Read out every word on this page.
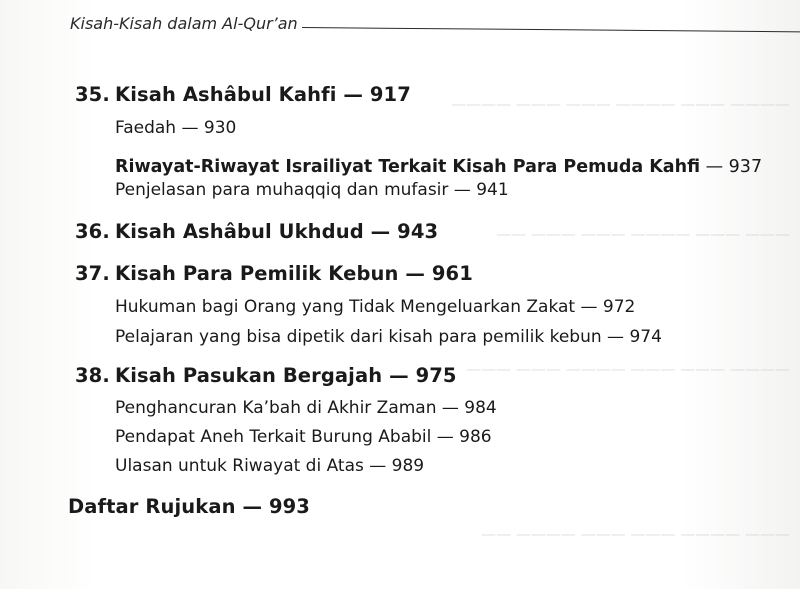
———— ——— ———— ——— ——— ————
——— ——— ———— ——— ——— ——
———— ——— ——— ———— ——— ———
——— ———— ——— ——— ———— ——
Kisah-Kisah dalam Al-Qur’an
35. Kisah Ashâbul Kahfi — 917
Faedah — 930
Riwayat-Riwayat Israiliyat Terkait Kisah Para Pemuda Kahfi — 937
Penjelasan para muhaqqiq dan mufasir — 941
36. Kisah Ashâbul Ukhdud — 943
37. Kisah Para Pemilik Kebun — 961
Hukuman bagi Orang yang Tidak Mengeluarkan Zakat — 972
Pelajaran yang bisa dipetik dari kisah para pemilik kebun — 974
38. Kisah Pasukan Bergajah — 975
Penghancuran Ka’bah di Akhir Zaman — 984
Pendapat Aneh Terkait Burung Ababil — 986
Ulasan untuk Riwayat di Atas — 989
Daftar Rujukan — 993
